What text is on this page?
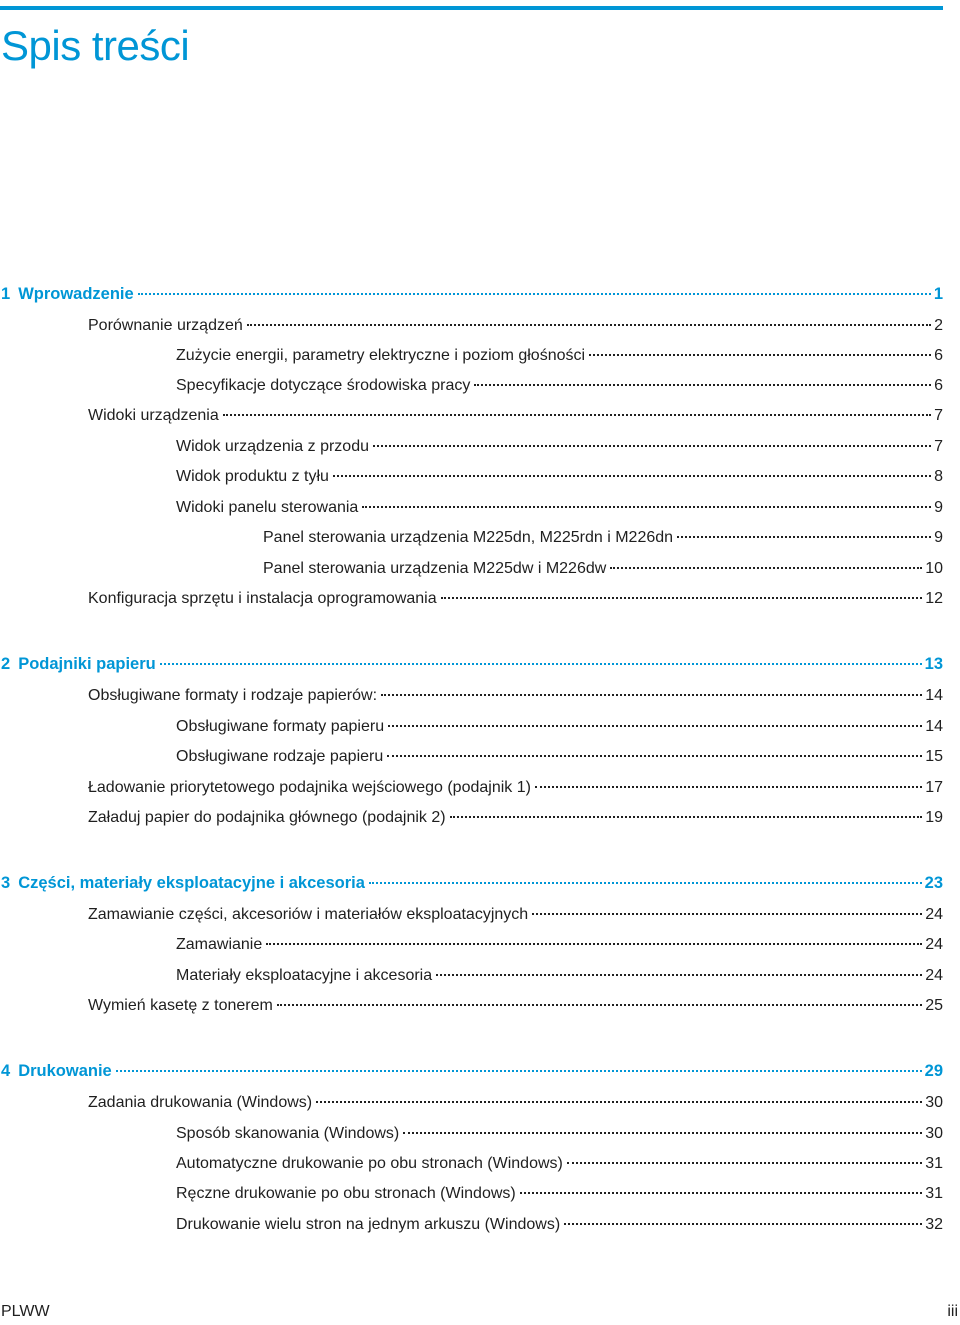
Spis treści
1 Wprowadzenie	1
Porównanie urządzeń	2
Zużycie energii, parametry elektryczne i poziom głośności	6
Specyfikacje dotyczące środowiska pracy	6
Widoki urządzenia	7
Widok urządzenia z przodu	7
Widok produktu z tyłu	8
Widoki panelu sterowania	9
Panel sterowania urządzenia M225dn, M225rdn i M226dn	9
Panel sterowania urządzenia M225dw i M226dw	10
Konfiguracja sprzętu i instalacja oprogramowania	12
2 Podajniki papieru	13
Obsługiwane formaty i rodzaje papierów:	14
Obsługiwane formaty papieru	14
Obsługiwane rodzaje papieru	15
Ładowanie priorytetowego podajnika wejściowego (podajnik 1)	17
Załaduj papier do podajnika głównego (podajnik 2)	19
3 Części, materiały eksploatacyjne i akcesoria	23
Zamawianie części, akcesoriów i materiałów eksploatacyjnych	24
Zamawianie	24
Materiały eksploatacyjne i akcesoria	24
Wymień kasetę z tonerem	25
4 Drukowanie	29
Zadania drukowania (Windows)	30
Sposób skanowania (Windows)	30
Automatyczne drukowanie po obu stronach (Windows)	31
Ręczne drukowanie po obu stronach (Windows)	31
Drukowanie wielu stron na jednym arkuszu (Windows)	32
PLWW	iii
